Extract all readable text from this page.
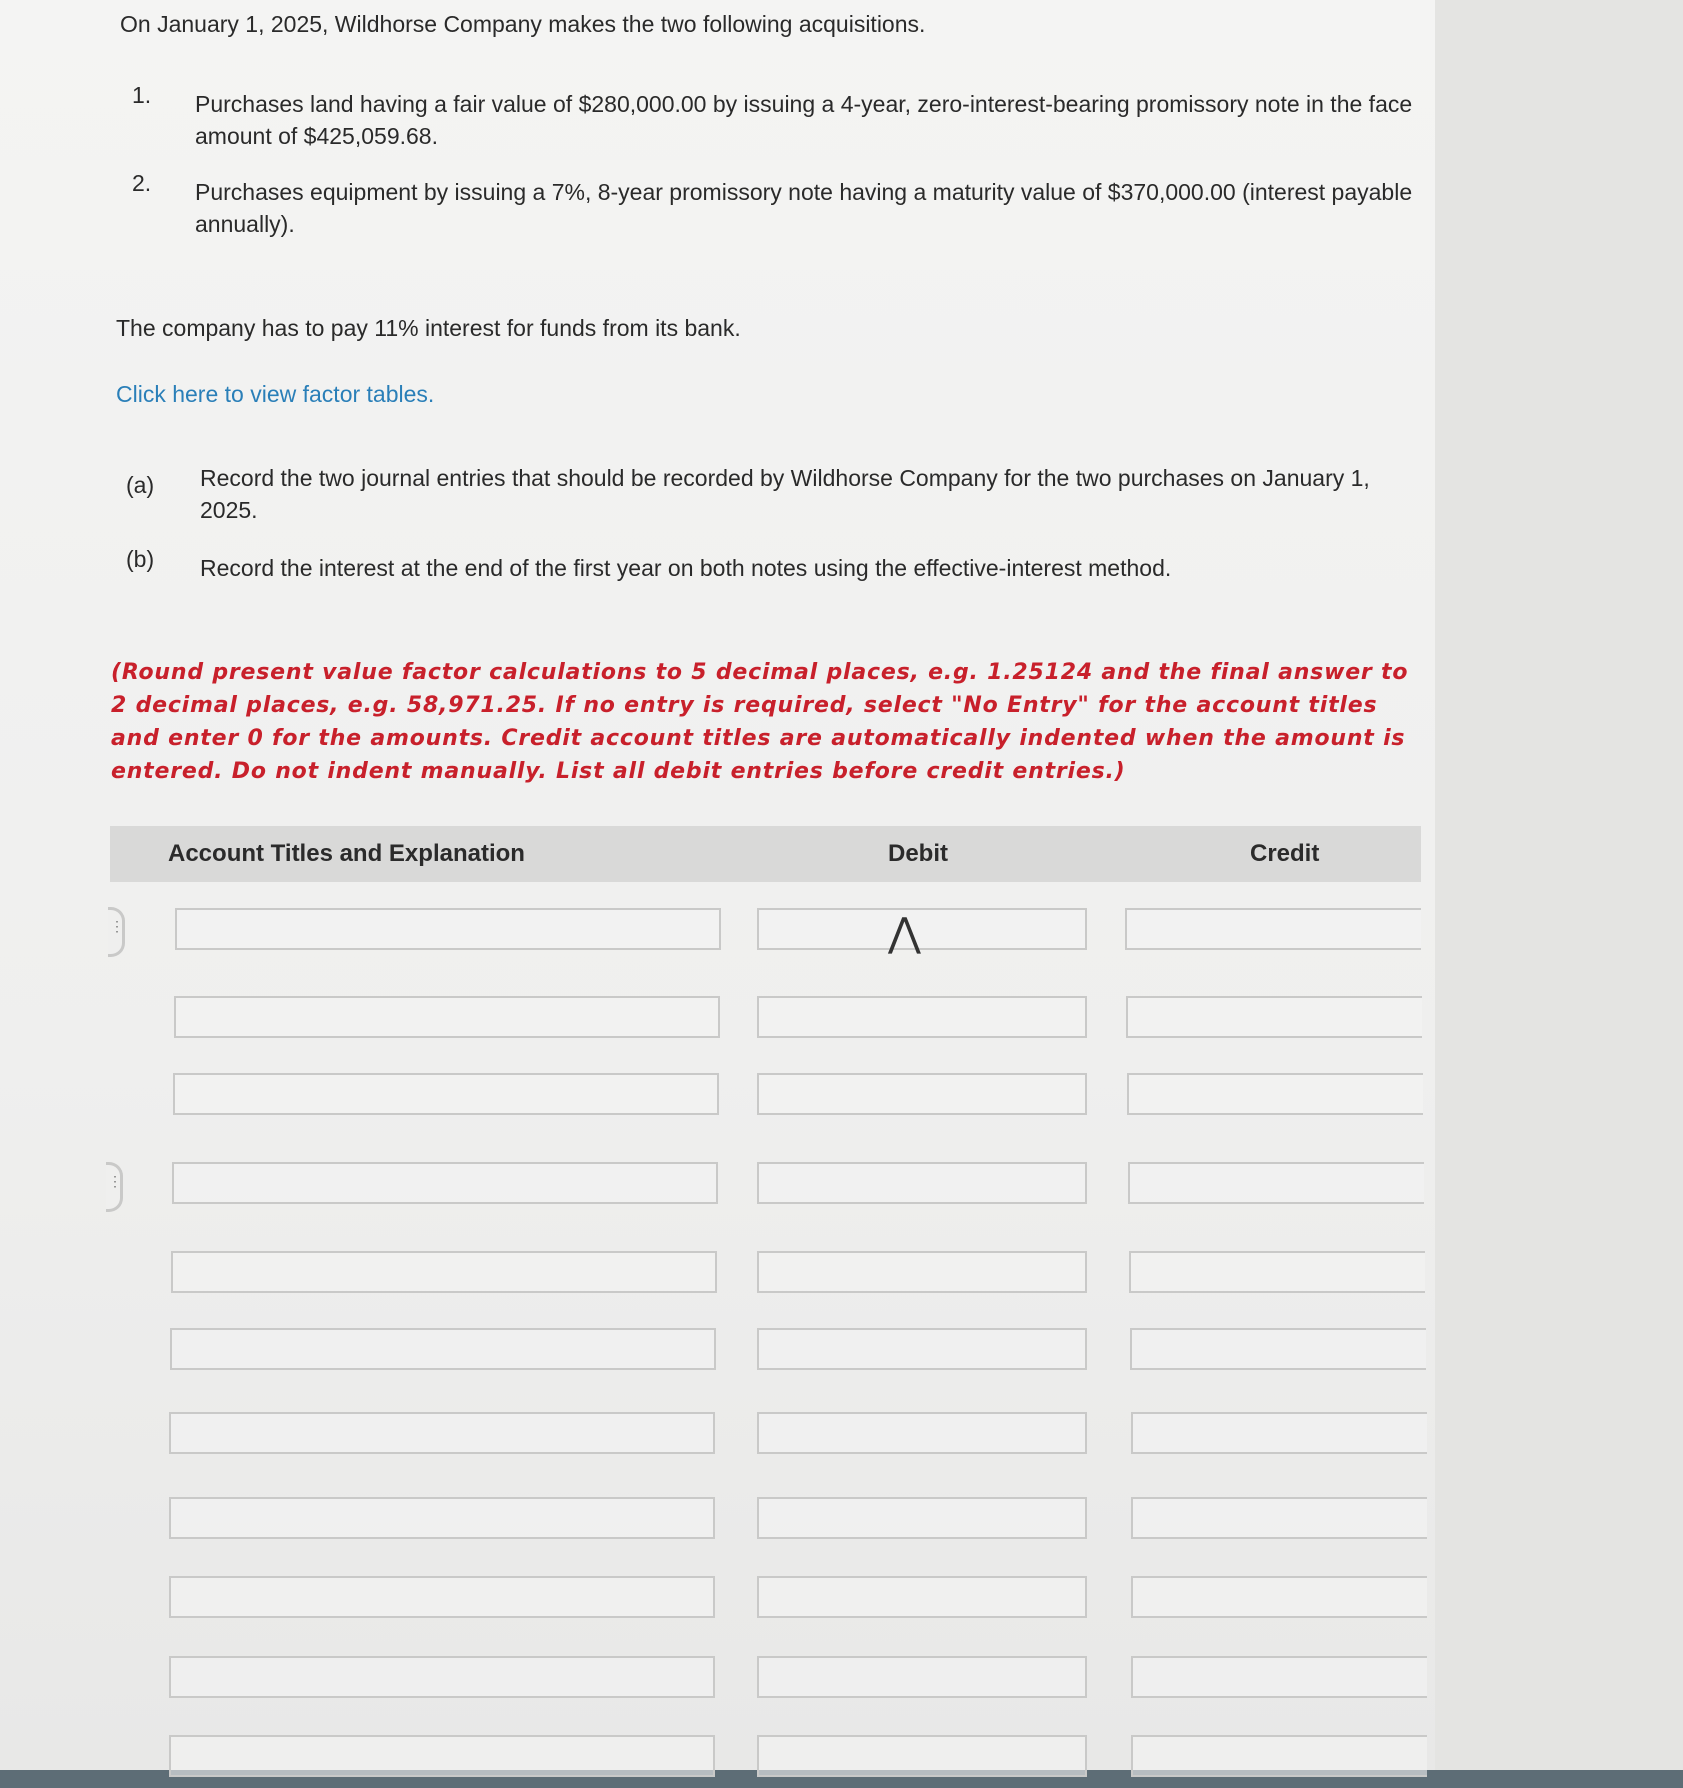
On January 1, 2025, Wildhorse Company makes the two following acquisitions.
1. Purchases land having a fair value of $280,000.00 by issuing a 4-year, zero-interest-bearing promissory note in the face amount of $425,059.68.
2. Purchases equipment by issuing a 7%, 8-year promissory note having a maturity value of $370,000.00 (interest payable annually).
The company has to pay 11% interest for funds from its bank.
Click here to view factor tables.
(a) Record the two journal entries that should be recorded by Wildhorse Company for the two purchases on January 1, 2025.
(b) Record the interest at the end of the first year on both notes using the effective-interest method.
(Round present value factor calculations to 5 decimal places, e.g. 1.25124 and the final answer to 2 decimal places, e.g. 58,971.25. If no entry is required, select "No Entry" for the account titles and enter 0 for the amounts. Credit account titles are automatically indented when the amount is entered. Do not indent manually. List all debit entries before credit entries.)
Account Titles and Explanation	Debit	Credit
⋮
⋮
⋀
